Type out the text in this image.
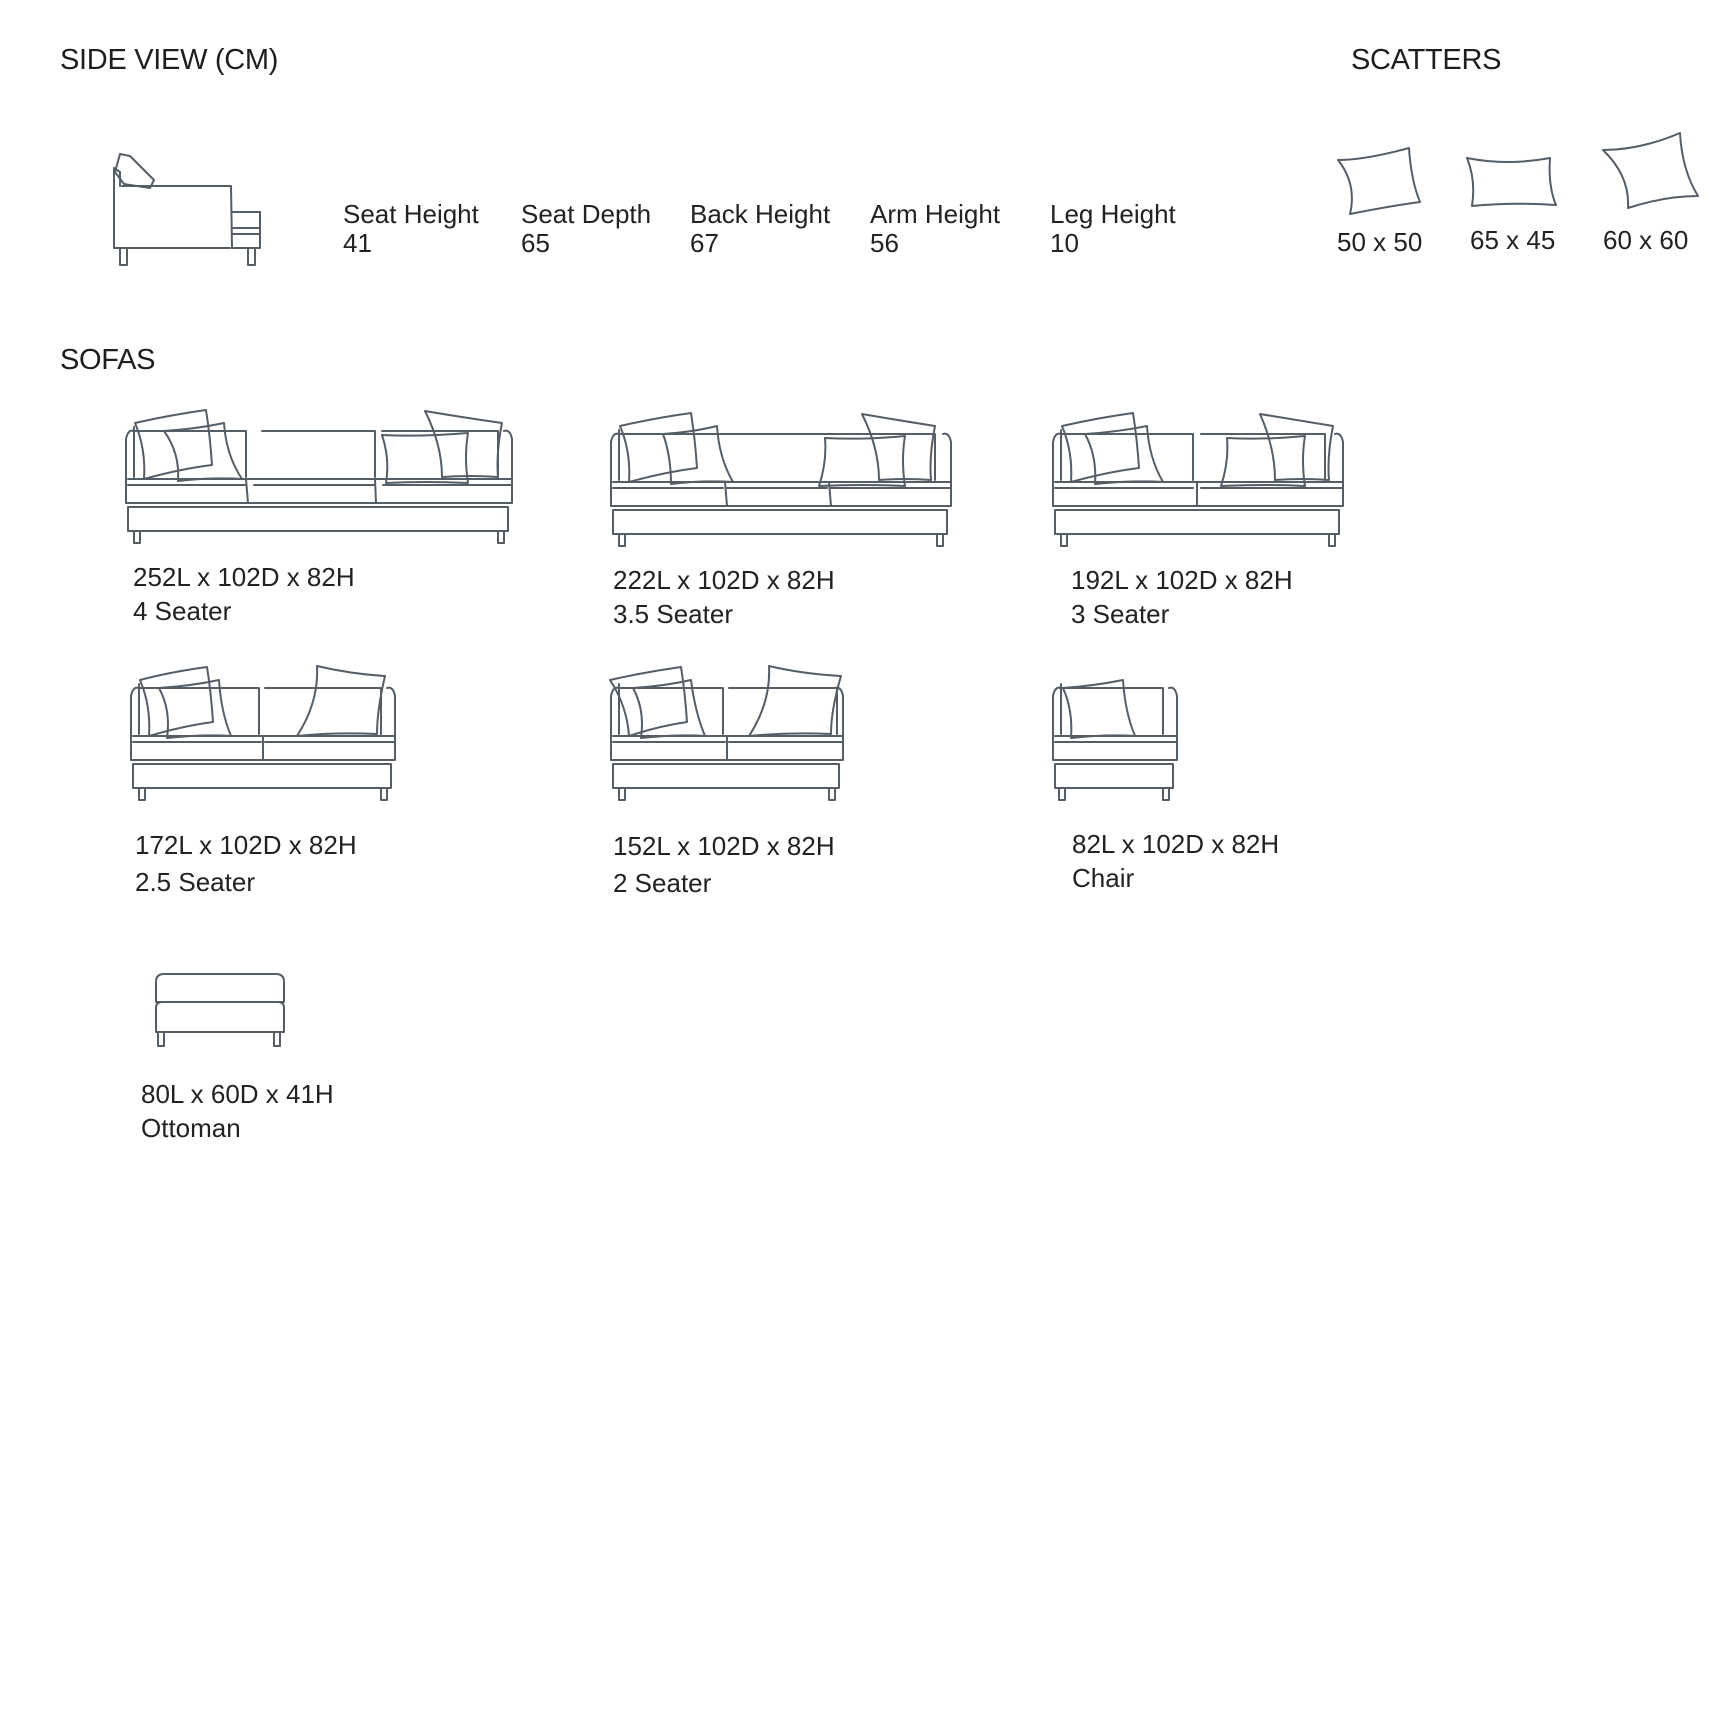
SIDE VIEW (CM)	SCATTERS
SOFAS
Seat Height
41
Seat Depth
65
Back Height
67
Arm Height
56
Leg Height
10	50 x 50 65 x 45 60 x 60
252L x 102D x 82H
4 Seater
222L x 102D x 82H
3.5 Seater
192L x 102D x 82H
3 Seater
172L x 102D x 82H
2.5 Seater
152L x 102D x 82H
2 Seater
82L x 102D x 82H
Chair
80L x 60D x 41H
Ottoman
